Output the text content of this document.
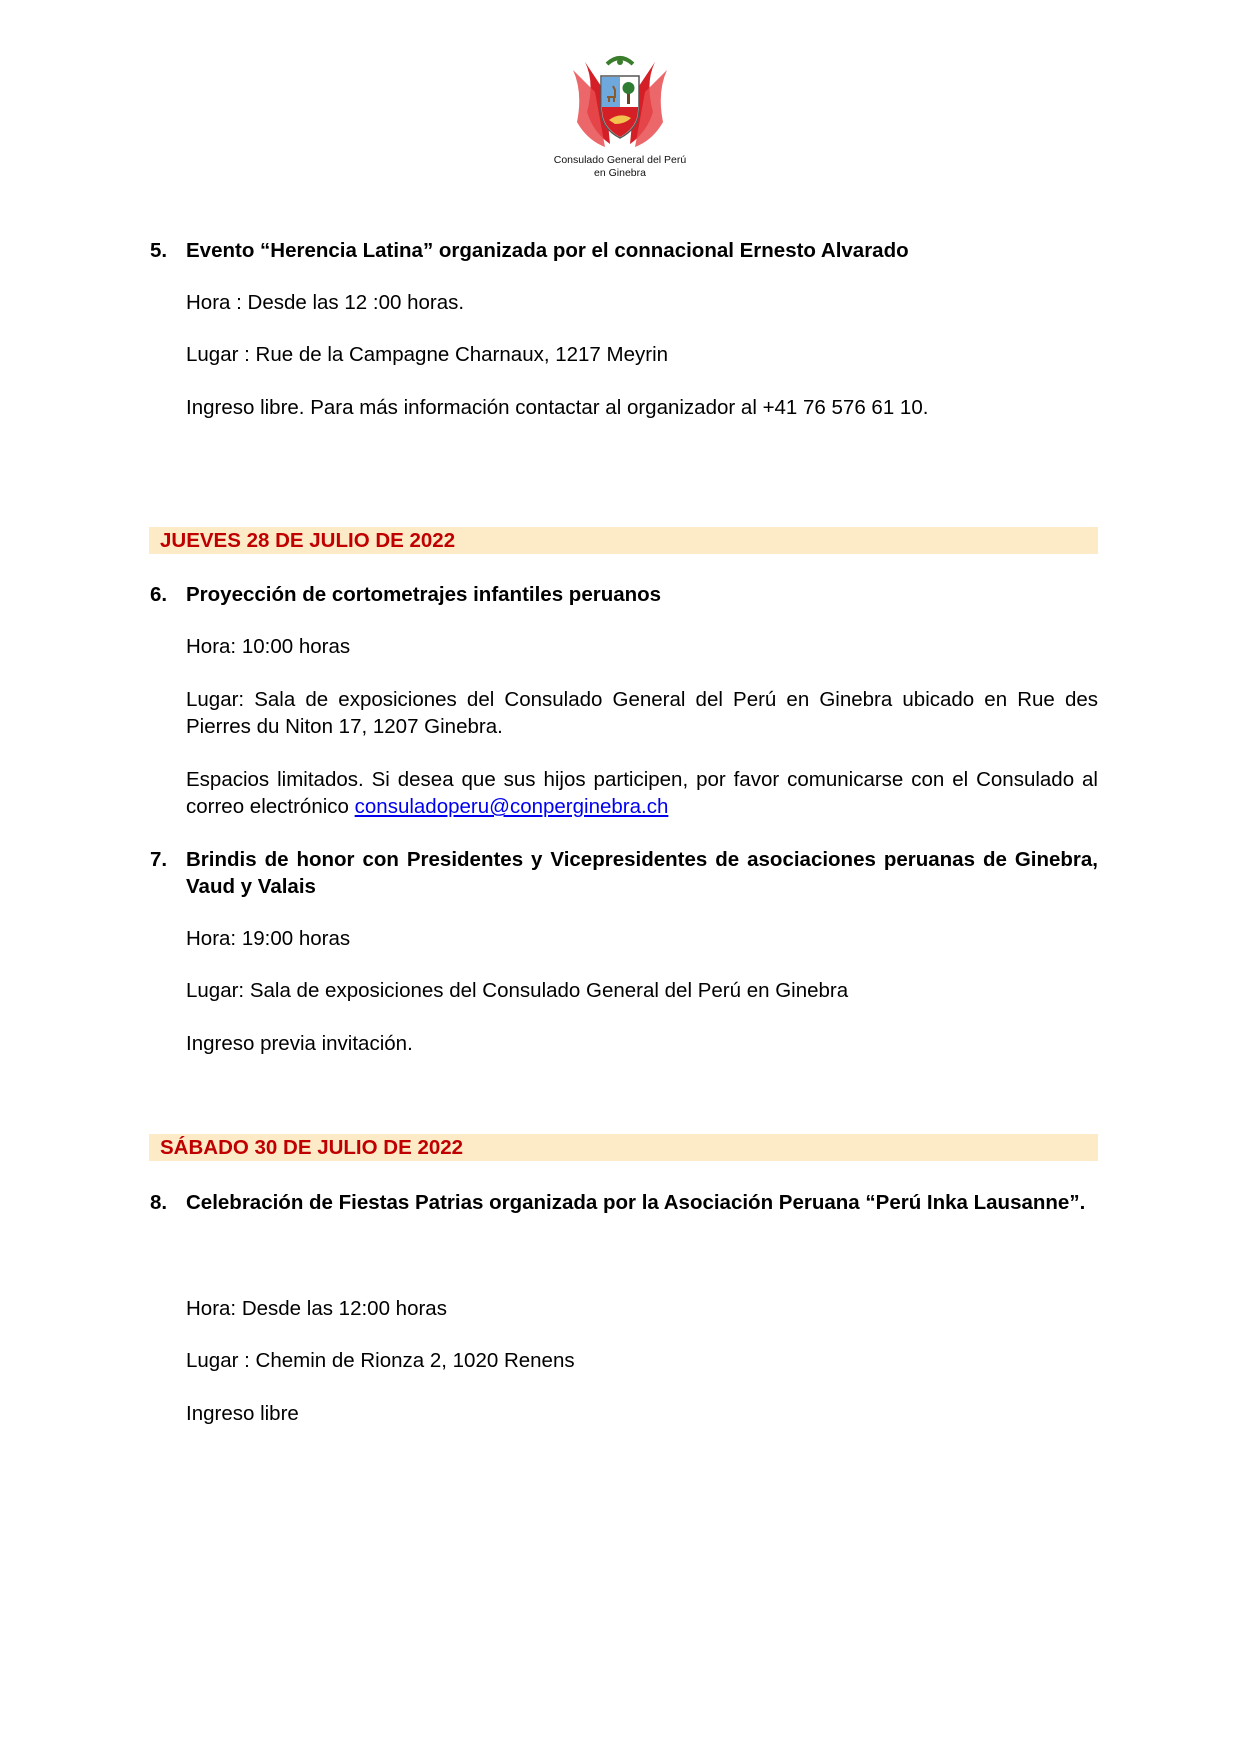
Consulado General del Perú
en Ginebra
5. Evento “Herencia Latina” organizada por el connacional Ernesto Alvarado
Hora : Desde las 12 :00 horas.
Lugar : Rue de la Campagne Charnaux, 1217 Meyrin
Ingreso libre. Para más información contactar al organizador al +41 76 576 61 10.
JUEVES 28 DE JULIO DE 2022
6. Proyección de cortometrajes infantiles peruanos
Hora: 10:00 horas
Lugar: Sala de exposiciones del Consulado General del Perú en Ginebra ubicado en Rue des Pierres du Niton 17, 1207 Ginebra.
Espacios limitados. Si desea que sus hijos participen, por favor comunicarse con el Consulado al correo electrónico consuladoperu@conperginebra.ch
7. Brindis de honor con Presidentes y Vicepresidentes de asociaciones peruanas de Ginebra, Vaud y Valais
Hora: 19:00 horas
Lugar: Sala de exposiciones del Consulado General del Perú en Ginebra
Ingreso previa invitación.
SÁBADO 30 DE JULIO DE 2022
8. Celebración de Fiestas Patrias organizada por la Asociación Peruana “Perú Inka Lausanne”.
Hora: Desde las 12:00 horas
Lugar : Chemin de Rionza 2, 1020 Renens
Ingreso libre
